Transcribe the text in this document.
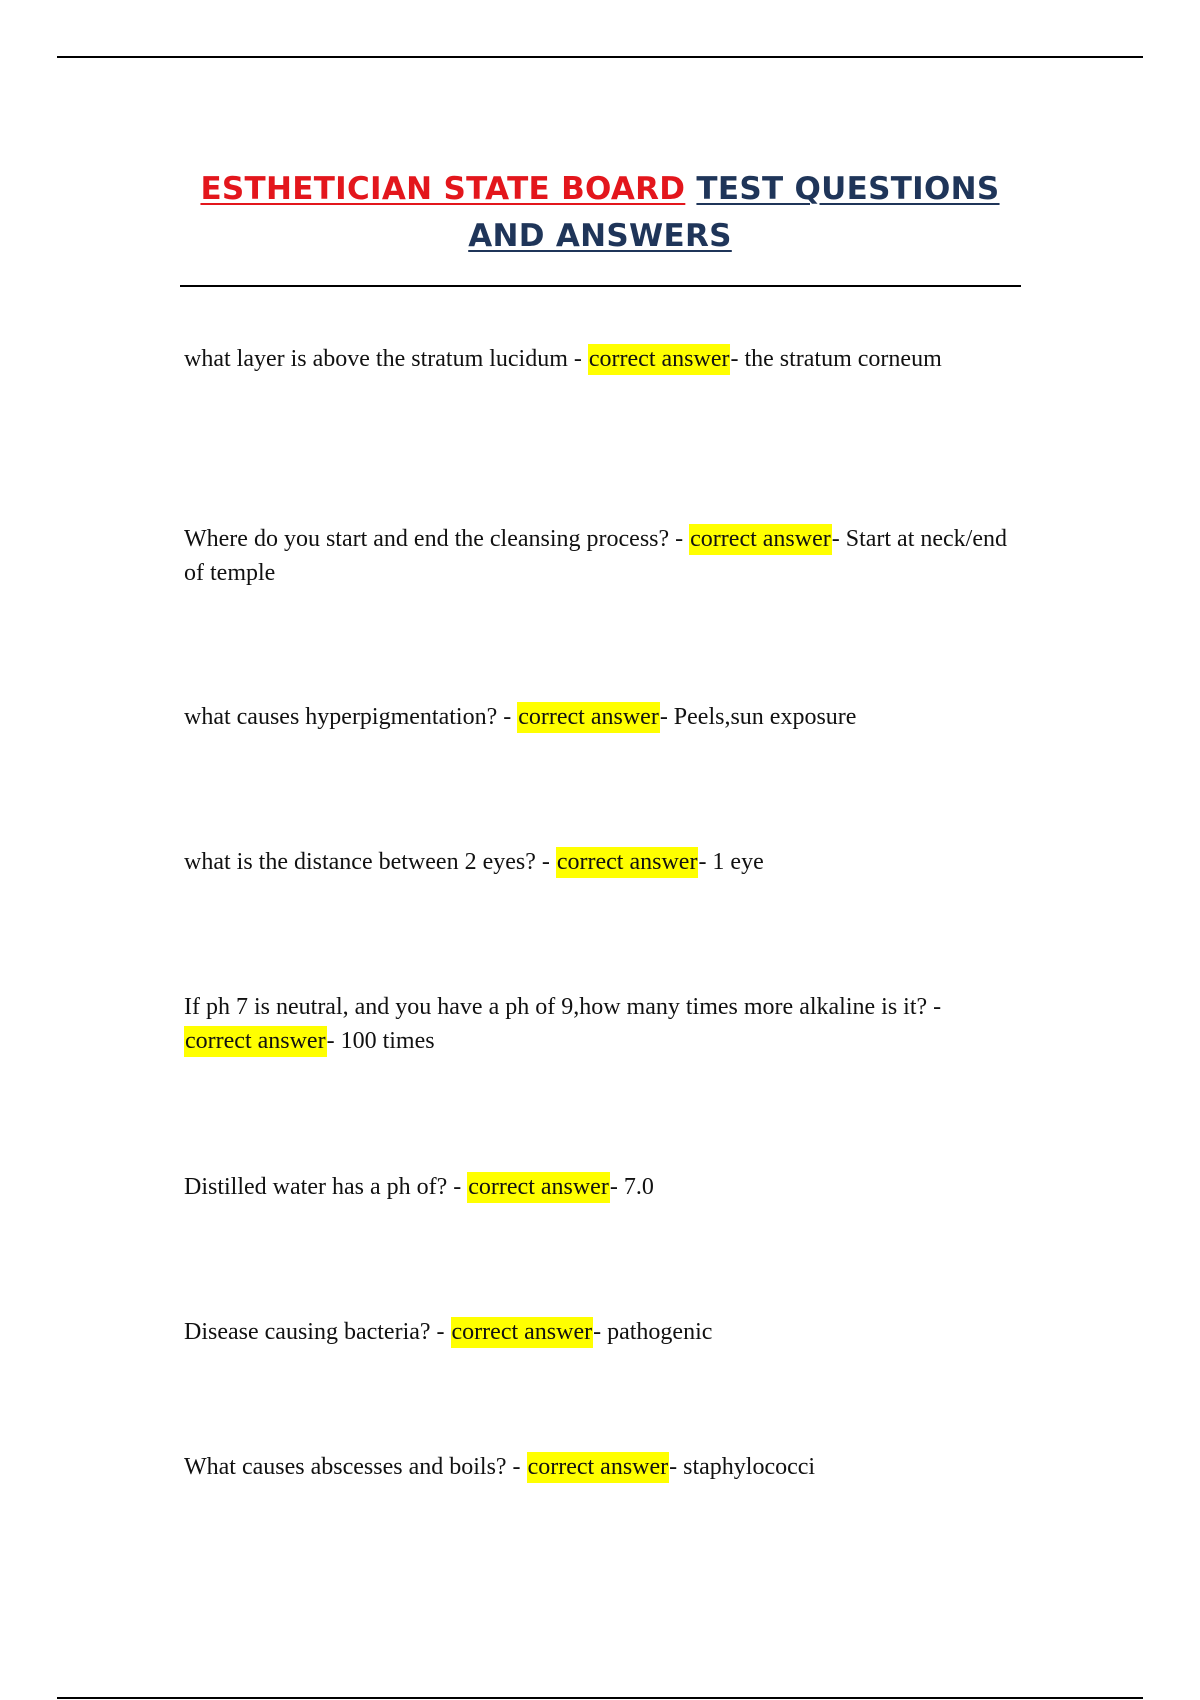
ESTHETICIAN STATE BOARD TEST QUESTIONS
AND ANSWERS

what layer is above the stratum lucidum - correct answer- the stratum corneum

Where do you start and end the cleansing process? - correct answer- Start at neck/end of temple

what causes hyperpigmentation? - correct answer- Peels,sun exposure

what is the distance between 2 eyes? - correct answer- 1 eye

If ph 7 is neutral, and you have a ph of 9,how many times more alkaline is it? - correct answer- 100 times

Distilled water has a ph of? - correct answer- 7.0

Disease causing bacteria? - correct answer- pathogenic

What causes abscesses and boils? - correct answer- staphylococci
